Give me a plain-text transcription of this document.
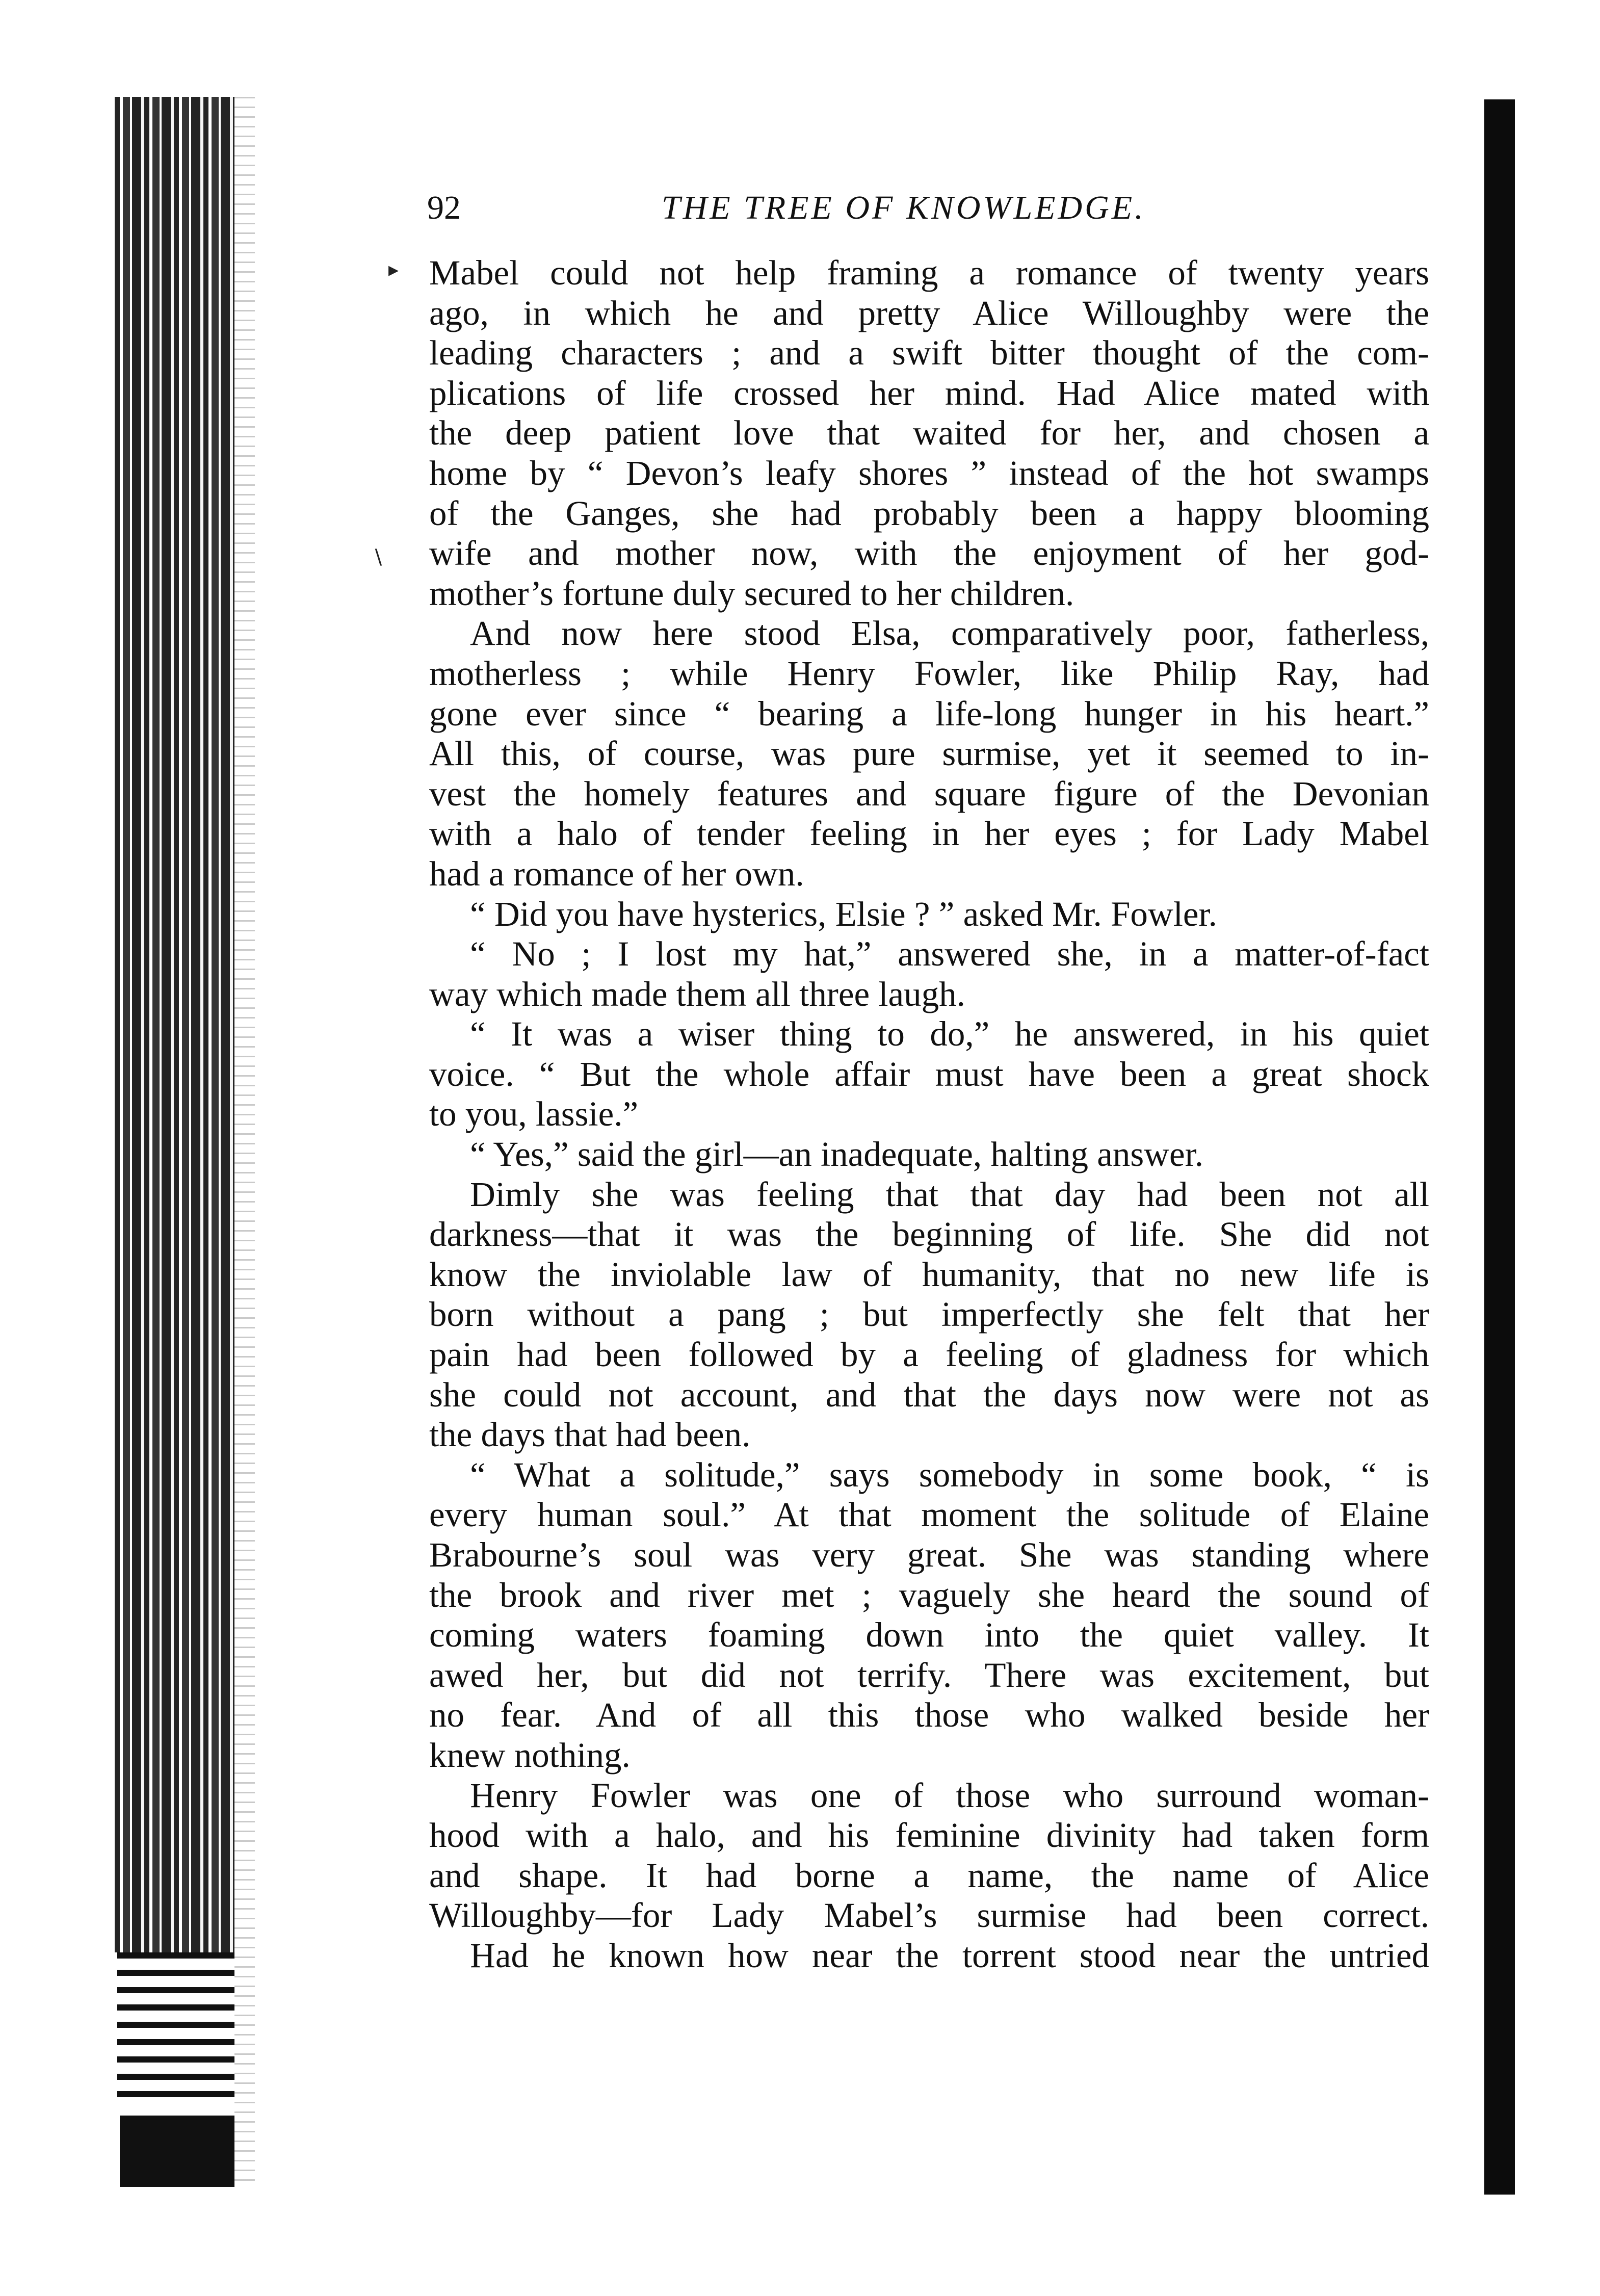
▸
∖
92	THE TREE OF KNOWLEDGE.
Mabel could not help framing a romance of twenty years
ago, in which he and pretty Alice Willoughby were the
leading characters ; and a swift bitter thought of the com-
plications of life crossed her mind. Had Alice mated with
the deep patient love that waited for her, and chosen a
home by “ Devon’s leafy shores ” instead of the hot swamps
of the Ganges, she had probably been a happy blooming
wife and mother now, with the enjoyment of her god-
mother’s fortune duly secured to her children.
And now here stood Elsa, comparatively poor, fatherless,
motherless ; while Henry Fowler, like Philip Ray, had
gone ever since “ bearing a life-long hunger in his heart.”
All this, of course, was pure surmise, yet it seemed to in-
vest the homely features and square figure of the Devonian
with a halo of tender feeling in her eyes ; for Lady Mabel
had a romance of her own.
“ Did you have hysterics, Elsie ? ” asked Mr. Fowler.
“ No ; I lost my hat,” answered she, in a matter-of-fact
way which made them all three laugh.
“ It was a wiser thing to do,” he answered, in his quiet
voice. “ But the whole affair must have been a great shock
to you, lassie.”
“ Yes,” said the girl—an inadequate, halting answer.
Dimly she was feeling that that day had been not all
darkness—that it was the beginning of life. She did not
know the inviolable law of humanity, that no new life is
born without a pang ; but imperfectly she felt that her
pain had been followed by a feeling of gladness for which
she could not account, and that the days now were not as
the days that had been.
“ What a solitude,” says somebody in some book, “ is
every human soul.” At that moment the solitude of Elaine
Brabourne’s soul was very great. She was standing where
the brook and river met ; vaguely she heard the sound of
coming waters foaming down into the quiet valley. It
awed her, but did not terrify. There was excitement, but
no fear. And of all this those who walked beside her
knew nothing.
Henry Fowler was one of those who surround woman-
hood with a halo, and his feminine divinity had taken form
and shape. It had borne a name, the name of Alice
Willoughby—for Lady Mabel’s surmise had been correct.
Had he known how near the torrent stood near the untried
